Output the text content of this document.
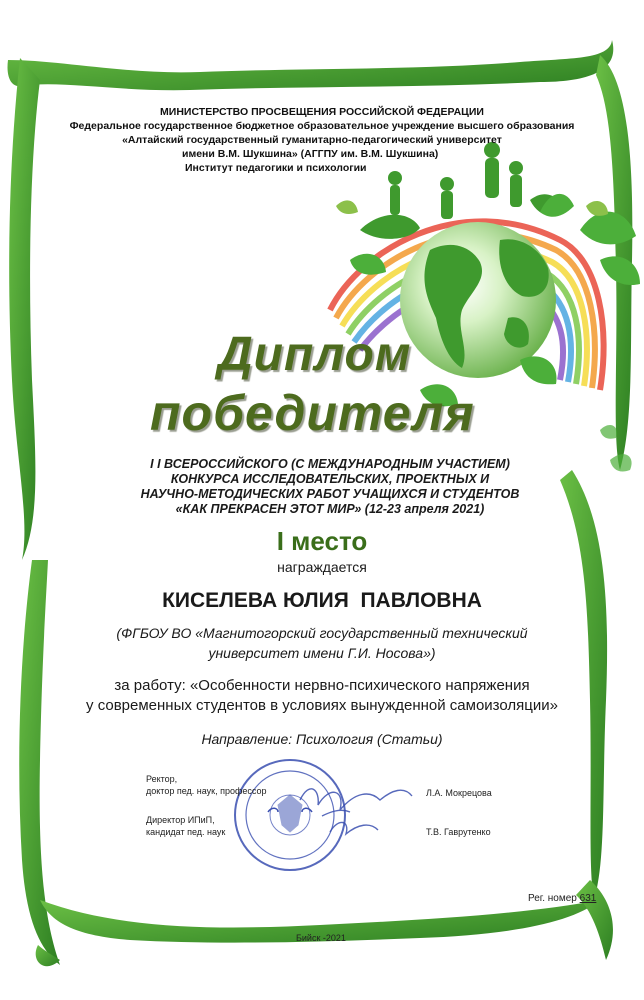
МИНИСТЕРСТВО ПРОСВЕЩЕНИЯ РОССИЙСКОЙ ФЕДЕРАЦИИ
Федеральное государственное бюджетное образовательное учреждение высшего образования
«Алтайский государственный гуманитарно-педагогический университет
имени В.М. Шукшина» (АГГПУ им. В.М. Шукшина)
Институт педагогики и психологии
Диплом
победителя
I I ВСЕРОССИЙСКОГО (С МЕЖДУНАРОДНЫМ УЧАСТИЕМ)
КОНКУРСА ИССЛЕДОВАТЕЛЬСКИХ, ПРОЕКТНЫХ И
НАУЧНО-МЕТОДИЧЕСКИХ РАБОТ УЧАЩИХСЯ И СТУДЕНТОВ
«КАК ПРЕКРАСЕН ЭТОТ МИР» (12-23 апреля 2021)
I место
награждается
КИСЕЛЕВА ЮЛИЯ  ПАВЛОВНА
(ФГБОУ ВО «Магнитогорский государственный технический
университет имени Г.И. Носова»)
за работу: «Особенности нервно-психического напряжения
у современных студентов в условиях вынужденной самоизоляции»
Направление: Психология (Статьи)
Ректор,
доктор пед. наук, профессор	Л.А. Мокрецова
Директор ИПиП,
кандидат пед. наук	Т.В. Гаврутенко
Рег. номер 631
Бийск -2021
